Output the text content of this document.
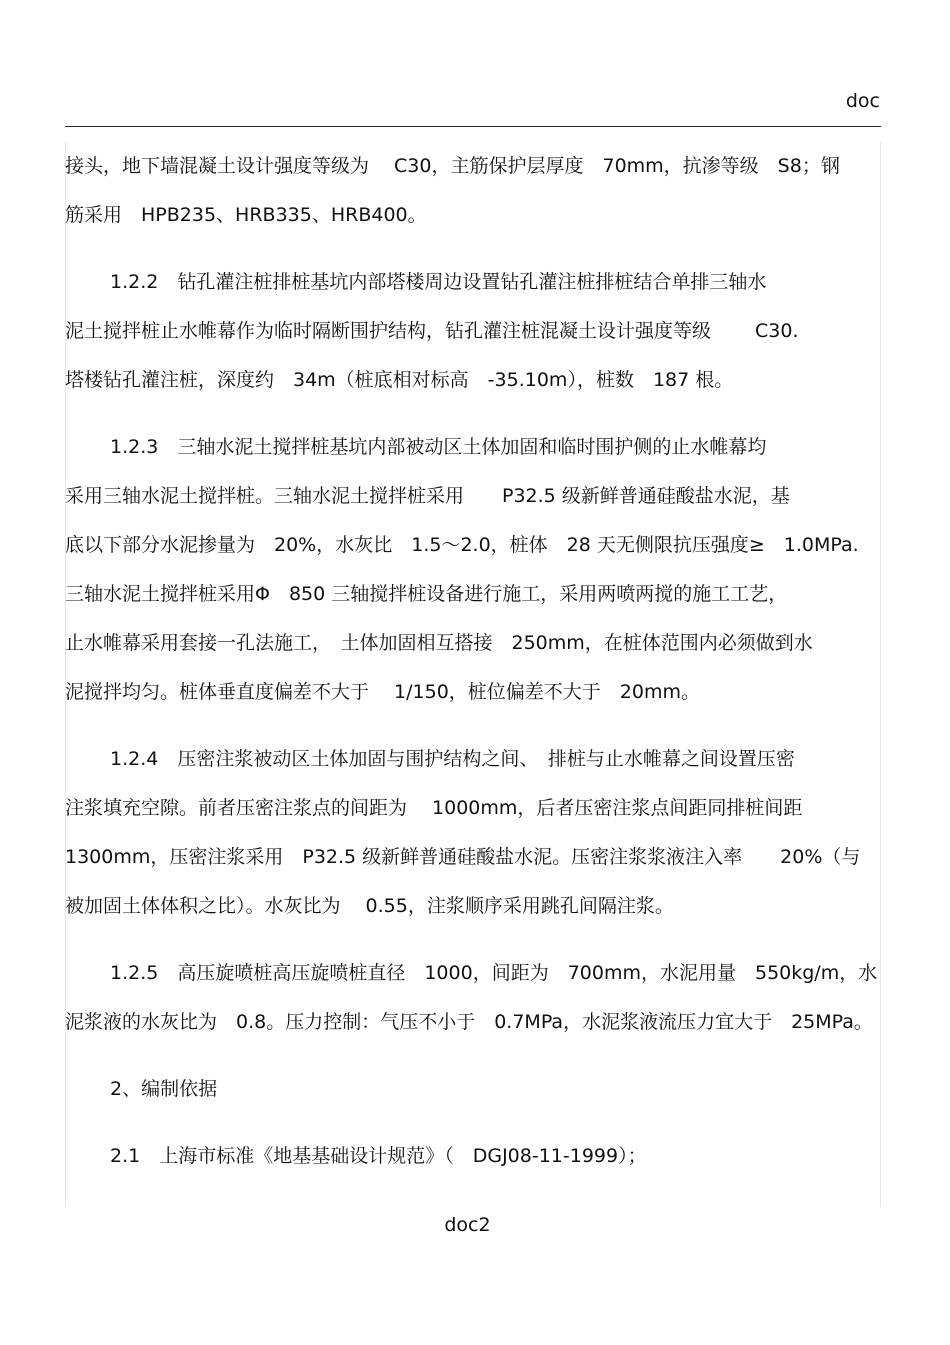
doc
接头，地下墙混凝土设计强度等级为　 C30，主筋保护层厚度　70mm，抗渗等级　S8；钢
筋采用　HPB235、HRB335、HRB400。
1.2.2　钻孔灌注桩排桩基坑内部塔楼周边设置钻孔灌注桩排桩结合单排三轴水
泥土搅拌桩止水帷幕作为临时隔断围护结构，钻孔灌注桩混凝土设计强度等级　　 C30.
塔楼钻孔灌注桩，深度约　34m（桩底相对标高　-35.10m），桩数　187 根。
1.2.3　三轴水泥土搅拌桩基坑内部被动区土体加固和临时围护侧的止水帷幕均
采用三轴水泥土搅拌桩。三轴水泥土搅拌桩采用　　P32.5 级新鲜普通硅酸盐水泥，基
底以下部分水泥掺量为　20%，水灰比　1.5～2.0，桩体　28 天无侧限抗压强度≥　1.0MPa.
三轴水泥土搅拌桩采用Φ　850 三轴搅拌桩设备进行施工，采用两喷两搅的施工工艺，
止水帷幕采用套接一孔法施工，　土体加固相互搭接　250mm，在桩体范围内必须做到水
泥搅拌均匀。桩体垂直度偏差不大于　 1/150，桩位偏差不大于　20mm。
1.2.4　压密注浆被动区土体加固与围护结构之间、　排桩与止水帷幕之间设置压密
注浆填充空隙。前者压密注浆点的间距为　 1000mm，后者压密注浆点间距同排桩间距
1300mm，压密注浆采用　P32.5 级新鲜普通硅酸盐水泥。压密注浆浆液注入率　　20%（与
被加固土体体积之比）。水灰比为　 0.55，注浆顺序采用跳孔间隔注浆。
1.2.5　高压旋喷桩高压旋喷桩直径　1000，间距为　700mm，水泥用量　550kg/m，水
泥浆液的水灰比为　0.8。压力控制：气压不小于　0.7MPa，水泥浆液流压力宜大于　25MPa。
2、编制依据
2.1　上海市标准《地基基础设计规范》（　DGJ08-11-1999）；
doc2
